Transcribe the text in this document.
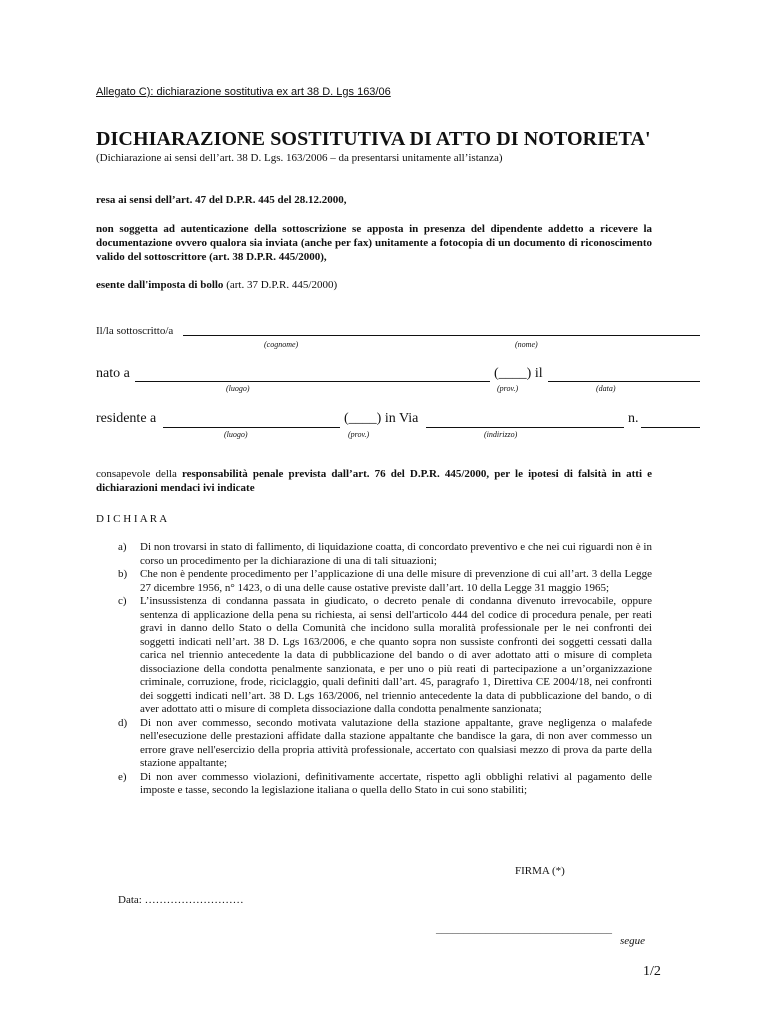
Allegato C): dichiarazione sostitutiva ex art 38 D. Lgs 163/06
DICHIARAZIONE SOSTITUTIVA DI ATTO DI NOTORIETA'
(Dichiarazione ai sensi dell’art. 38 D. Lgs. 163/2006 – da presentarsi unitamente all’istanza)
resa ai sensi dell’art. 47 del D.P.R. 445 del 28.12.2000,
non soggetta ad autenticazione della sottoscrizione se apposta in presenza del dipendente addetto a ricevere la documentazione ovvero qualora sia inviata (anche per fax) unitamente a fotocopia di un documento di riconoscimento valido del sottoscrittore (art. 38 D.P.R. 445/2000),
esente dall'imposta di bollo (art. 37 D.P.R. 445/2000)
Il/la sottoscritto/a
(cognome)	(nome)
nato a	(____) il
(luogo)	(prov.)	(data)
residente a	(____) in Via	n.
(luogo)	(prov.)	(indirizzo)
consapevole della responsabilità penale prevista dall’art. 76 del D.P.R. 445/2000, per le ipotesi di falsità in atti e dichiarazioni mendaci ivi indicate
D I C H I A R A
a)	Di non trovarsi in stato di fallimento, di liquidazione coatta, di concordato preventivo e che nei cui riguardi non è in corso un procedimento per la dichiarazione di una di tali situazioni;
b)	Che non è pendente procedimento per l’applicazione di una delle misure di prevenzione di cui all’art. 3 della Legge 27 dicembre 1956, n° 1423, o di una delle cause ostative previste dall’art. 10 della Legge 31 maggio 1965;
c)	L’insussistenza di condanna passata in giudicato, o decreto penale di condanna divenuto irrevocabile, oppure sentenza di applicazione della pena su richiesta, ai sensi dell'articolo 444 del codice di procedura penale, per reati gravi in danno dello Stato o della Comunità che incidono sulla moralità professionale per le nei confronti dei soggetti indicati nell’art. 38 D. Lgs 163/2006, e che quanto sopra non sussiste confronti dei soggetti cessati dalla carica nel triennio antecedente la data di pubblicazione del bando o di aver adottato atti o misure di completa dissociazione della condotta penalmente sanzionata, e per uno o più reati di partecipazione a un’organizzazione criminale, corruzione, frode, riciclaggio, quali definiti dall’art. 45, paragrafo 1, Direttiva CE 2004/18, nei confronti dei soggetti indicati nell’art. 38 D. Lgs 163/2006, nel triennio antecedente la data di pubblicazione del bando, o di aver adottato atti o misure di completa dissociazione dalla condotta penalmente sanzionata;
d)	Di non aver commesso, secondo motivata valutazione della stazione appaltante, grave negligenza o malafede nell'esecuzione delle prestazioni affidate dalla stazione appaltante che bandisce la gara, di non aver commesso un errore grave nell'esercizio della propria attività professionale, accertato con qualsiasi mezzo di prova da parte della stazione appaltante;
e)	Di non aver commesso violazioni, definitivamente accertate, rispetto agli obblighi relativi al pagamento delle imposte e tasse, secondo la legislazione italiana o quella dello Stato in cui sono stabiliti;
FIRMA (*)
Data: ………………………
________________________________
segue
1/2
